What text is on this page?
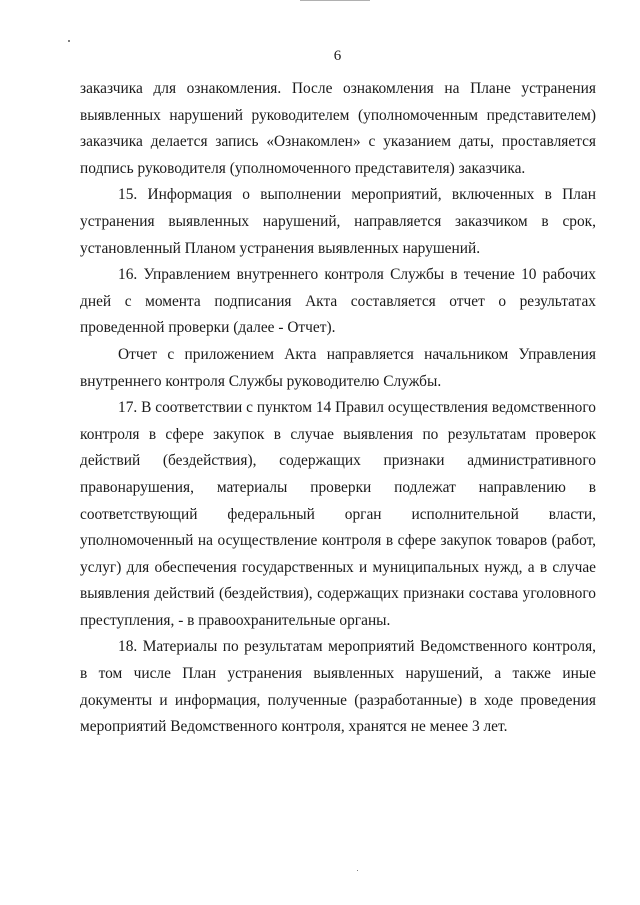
6

заказчика для ознакомления. После ознакомления на Плане устранения выявленных нарушений руководителем (уполномоченным представителем) заказчика делается запись «Ознакомлен» с указанием даты, проставляется подпись руководителя (уполномоченного представителя) заказчика.

15. Информация о выполнении мероприятий, включенных в План устранения выявленных нарушений, направляется заказчиком в срок, установленный Планом устранения выявленных нарушений.

16. Управлением внутреннего контроля Службы в течение 10 рабочих дней с момента подписания Акта составляется отчет о результатах проведенной проверки (далее - Отчет).

Отчет с приложением Акта направляется начальником Управления внутреннего контроля Службы руководителю Службы.

17. В соответствии с пунктом 14 Правил осуществления ведомственного контроля в сфере закупок в случае выявления по результатам проверок действий (бездействия), содержащих признаки административного правонарушения, материалы проверки подлежат направлению в соответствующий федеральный орган исполнительной власти, уполномоченный на осуществление контроля в сфере закупок товаров (работ, услуг) для обеспечения государственных и муниципальных нужд, а в случае выявления действий (бездействия), содержащих признаки состава уголовного преступления, - в правоохранительные органы.

18. Материалы по результатам мероприятий Ведомственного контроля, в том числе План устранения выявленных нарушений, а также иные документы и информация, полученные (разработанные) в ходе проведения мероприятий Ведомственного контроля, хранятся не менее 3 лет.
